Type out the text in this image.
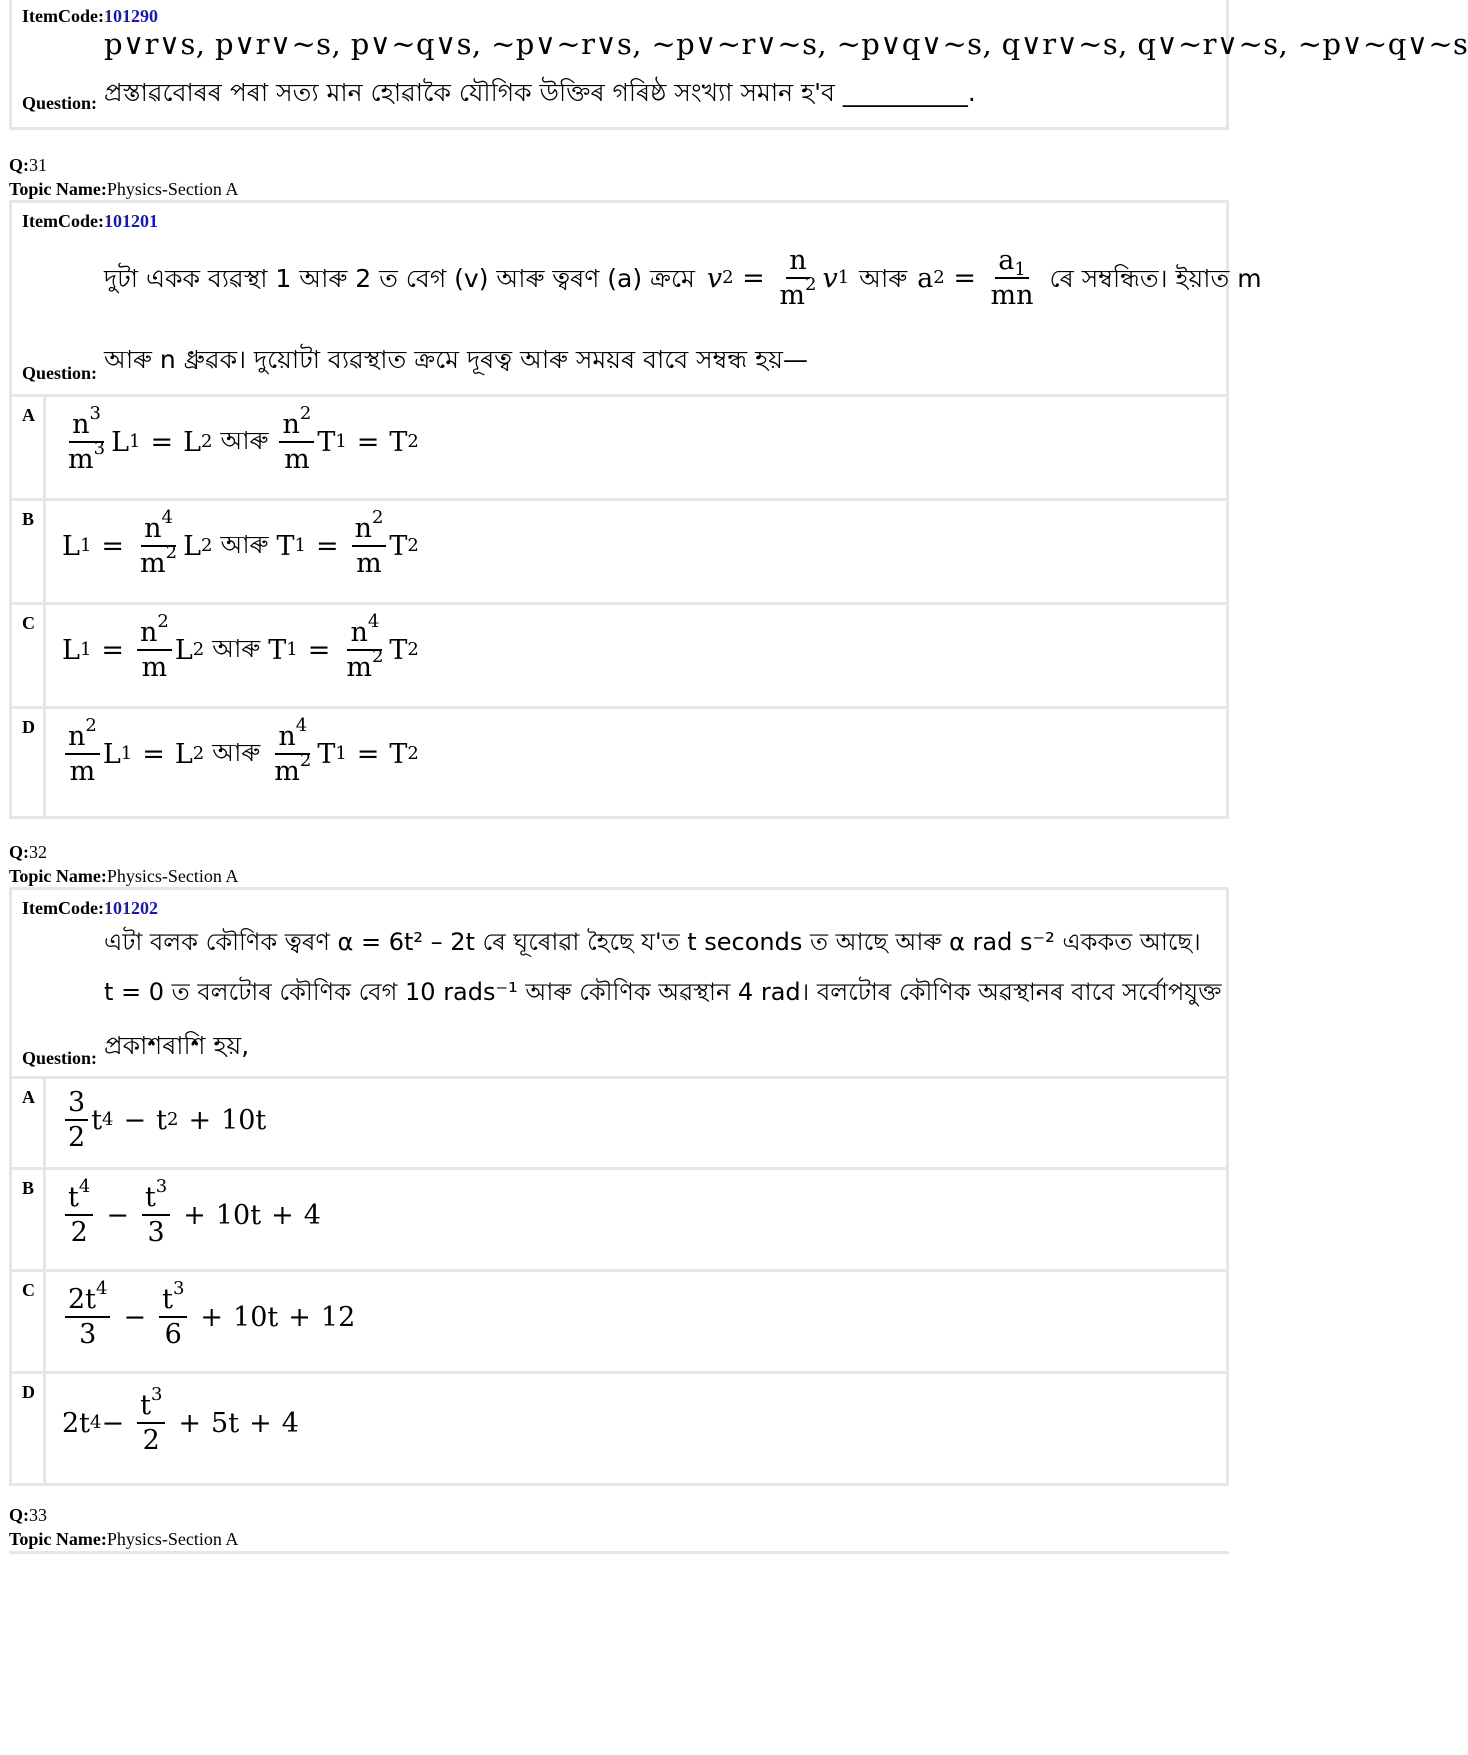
ItemCode:101290
p∨r∨s, p∨r∨~s, p∨~q∨s, ~p∨~r∨s, ~p∨~r∨~s, ~p∨q∨~s, q∨r∨~s, q∨~r∨~s, ~p∨~q∨~s
Question: প্ৰস্তাৱবোৰৰ পৰা সত্য মান হোৱাকৈ যৌগিক উক্তিৰ গৰিষ্ঠ সংখ্যা সমান হ'ব __________.
Q:31
Topic Name:Physics-Section A
ItemCode:101201
দুটা একক ব্যৱস্থা 1 আৰু 2 ত বেগ (v) আৰু ত্বৰণ (a) ক্ৰমে v $2 = \frac{n}{m^2}$ v 1 আৰু a $2 = \frac{a_1}{mn}$ ৰে সম্বন্ধিত। ইয়াত m
Question: আৰু n ধ্ৰুৱক। দুয়োটা ব্যৱস্থাত ক্ৰমে দূৰত্ব আৰু সময়ৰ বাবে সম্বন্ধ হয়—
A $\frac{n^3}{m^3}$ L 1 = L 2 আৰু $\frac{n^2}{m}$ T 1 = T 2
B
L $1 = \frac{n^4}{m^2}$ L 2 আৰু T $1 = \frac{n^2}{m}$ T 2
C
L $1 = \frac{n^2}{m}$ L 2 আৰু T $1 = \frac{n^4}{m^2}$ T 2
D $\frac{n^2}{m}$ L 1 = L 2 আৰু $\frac{n^4}{m^2}$ T 1 = T 2
Q:32
Topic Name:Physics-Section A
ItemCode:101202
এটা বলক কৌণিক ত্বৰণ α = 6t² – 2t ৰে ঘূৰোৱা হৈছে য'ত t seconds ত আছে আৰু α rad s⁻² এককত আছে।
t = 0 ত বলটোৰ কৌণিক বেগ 10 rads⁻¹ আৰু কৌণিক অৱস্থান 4 rad। বলটোৰ কৌণিক অৱস্থানৰ বাবে সৰ্বোপযুক্ত
Question: প্ৰকাশৰাশি হয়,
A $\frac{3}{2}$ t 4 − t 2 + 10t
B $\frac{t^4}{2} - \frac{t^3}{3} + 10t + 4$
C $\frac{2t^4}{3} - \frac{t^3}{6} + 10t + 12$
D
2t $4 - \frac{t^3}{2} + 5t + 4$
Q:33
Topic Name:Physics-Section A
